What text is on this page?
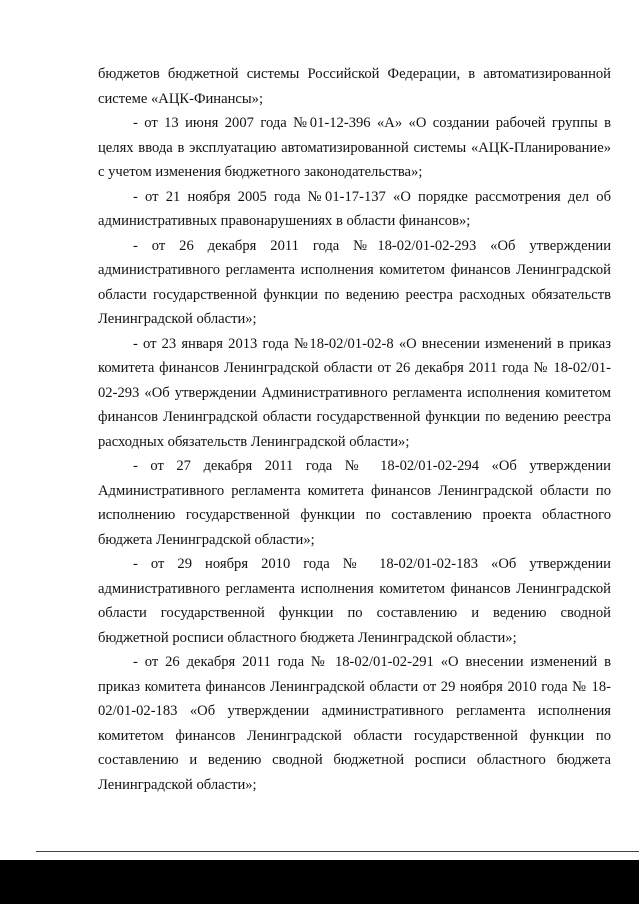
бюджетов бюджетной системы Российской Федерации, в автоматизированной системе «АЦК-Финансы»;

- от 13 июня 2007 года №01-12-396 «А» «О создании рабочей группы в целях ввода в эксплуатацию автоматизированной системы «АЦК-Планирование» с учетом изменения бюджетного законодательства»;

- от 21 ноября 2005 года №01-17-137 «О порядке рассмотрения дел об административных правонарушениях в области финансов»;

- от 26 декабря 2011 года №18-02/01-02-293 «Об утверждении административного регламента исполнения комитетом финансов Ленинградской области государственной функции по ведению реестра расходных обязательств Ленинградской области»;

- от 23 января 2013 года №18-02/01-02-8 «О внесении изменений в приказ комитета финансов Ленинградской области от 26 декабря 2011 года № 18-02/01-02-293 «Об утверждении Административного регламента исполнения комитетом финансов Ленинградской области государственной функции по ведению реестра расходных обязательств Ленинградской области»;

- от 27 декабря 2011 года № 18-02/01-02-294 «Об утверждении Административного регламента комитета финансов Ленинградской области по исполнению государственной функции по составлению проекта областного бюджета Ленинградской области»;

- от 29 ноября 2010 года № 18-02/01-02-183 «Об утверждении административного регламента исполнения комитетом финансов Ленинградской области государственной функции по составлению и ведению сводной бюджетной росписи областного бюджета Ленинградской области»;

- от 26 декабря 2011 года № 18-02/01-02-291 «О внесении изменений в приказ комитета финансов Ленинградской области от 29 ноября 2010 года № 18-02/01-02-183 «Об утверждении административного регламента исполнения комитетом финансов Ленинградской области государственной функции по составлению и ведению сводной бюджетной росписи областного бюджета Ленинградской области»;
